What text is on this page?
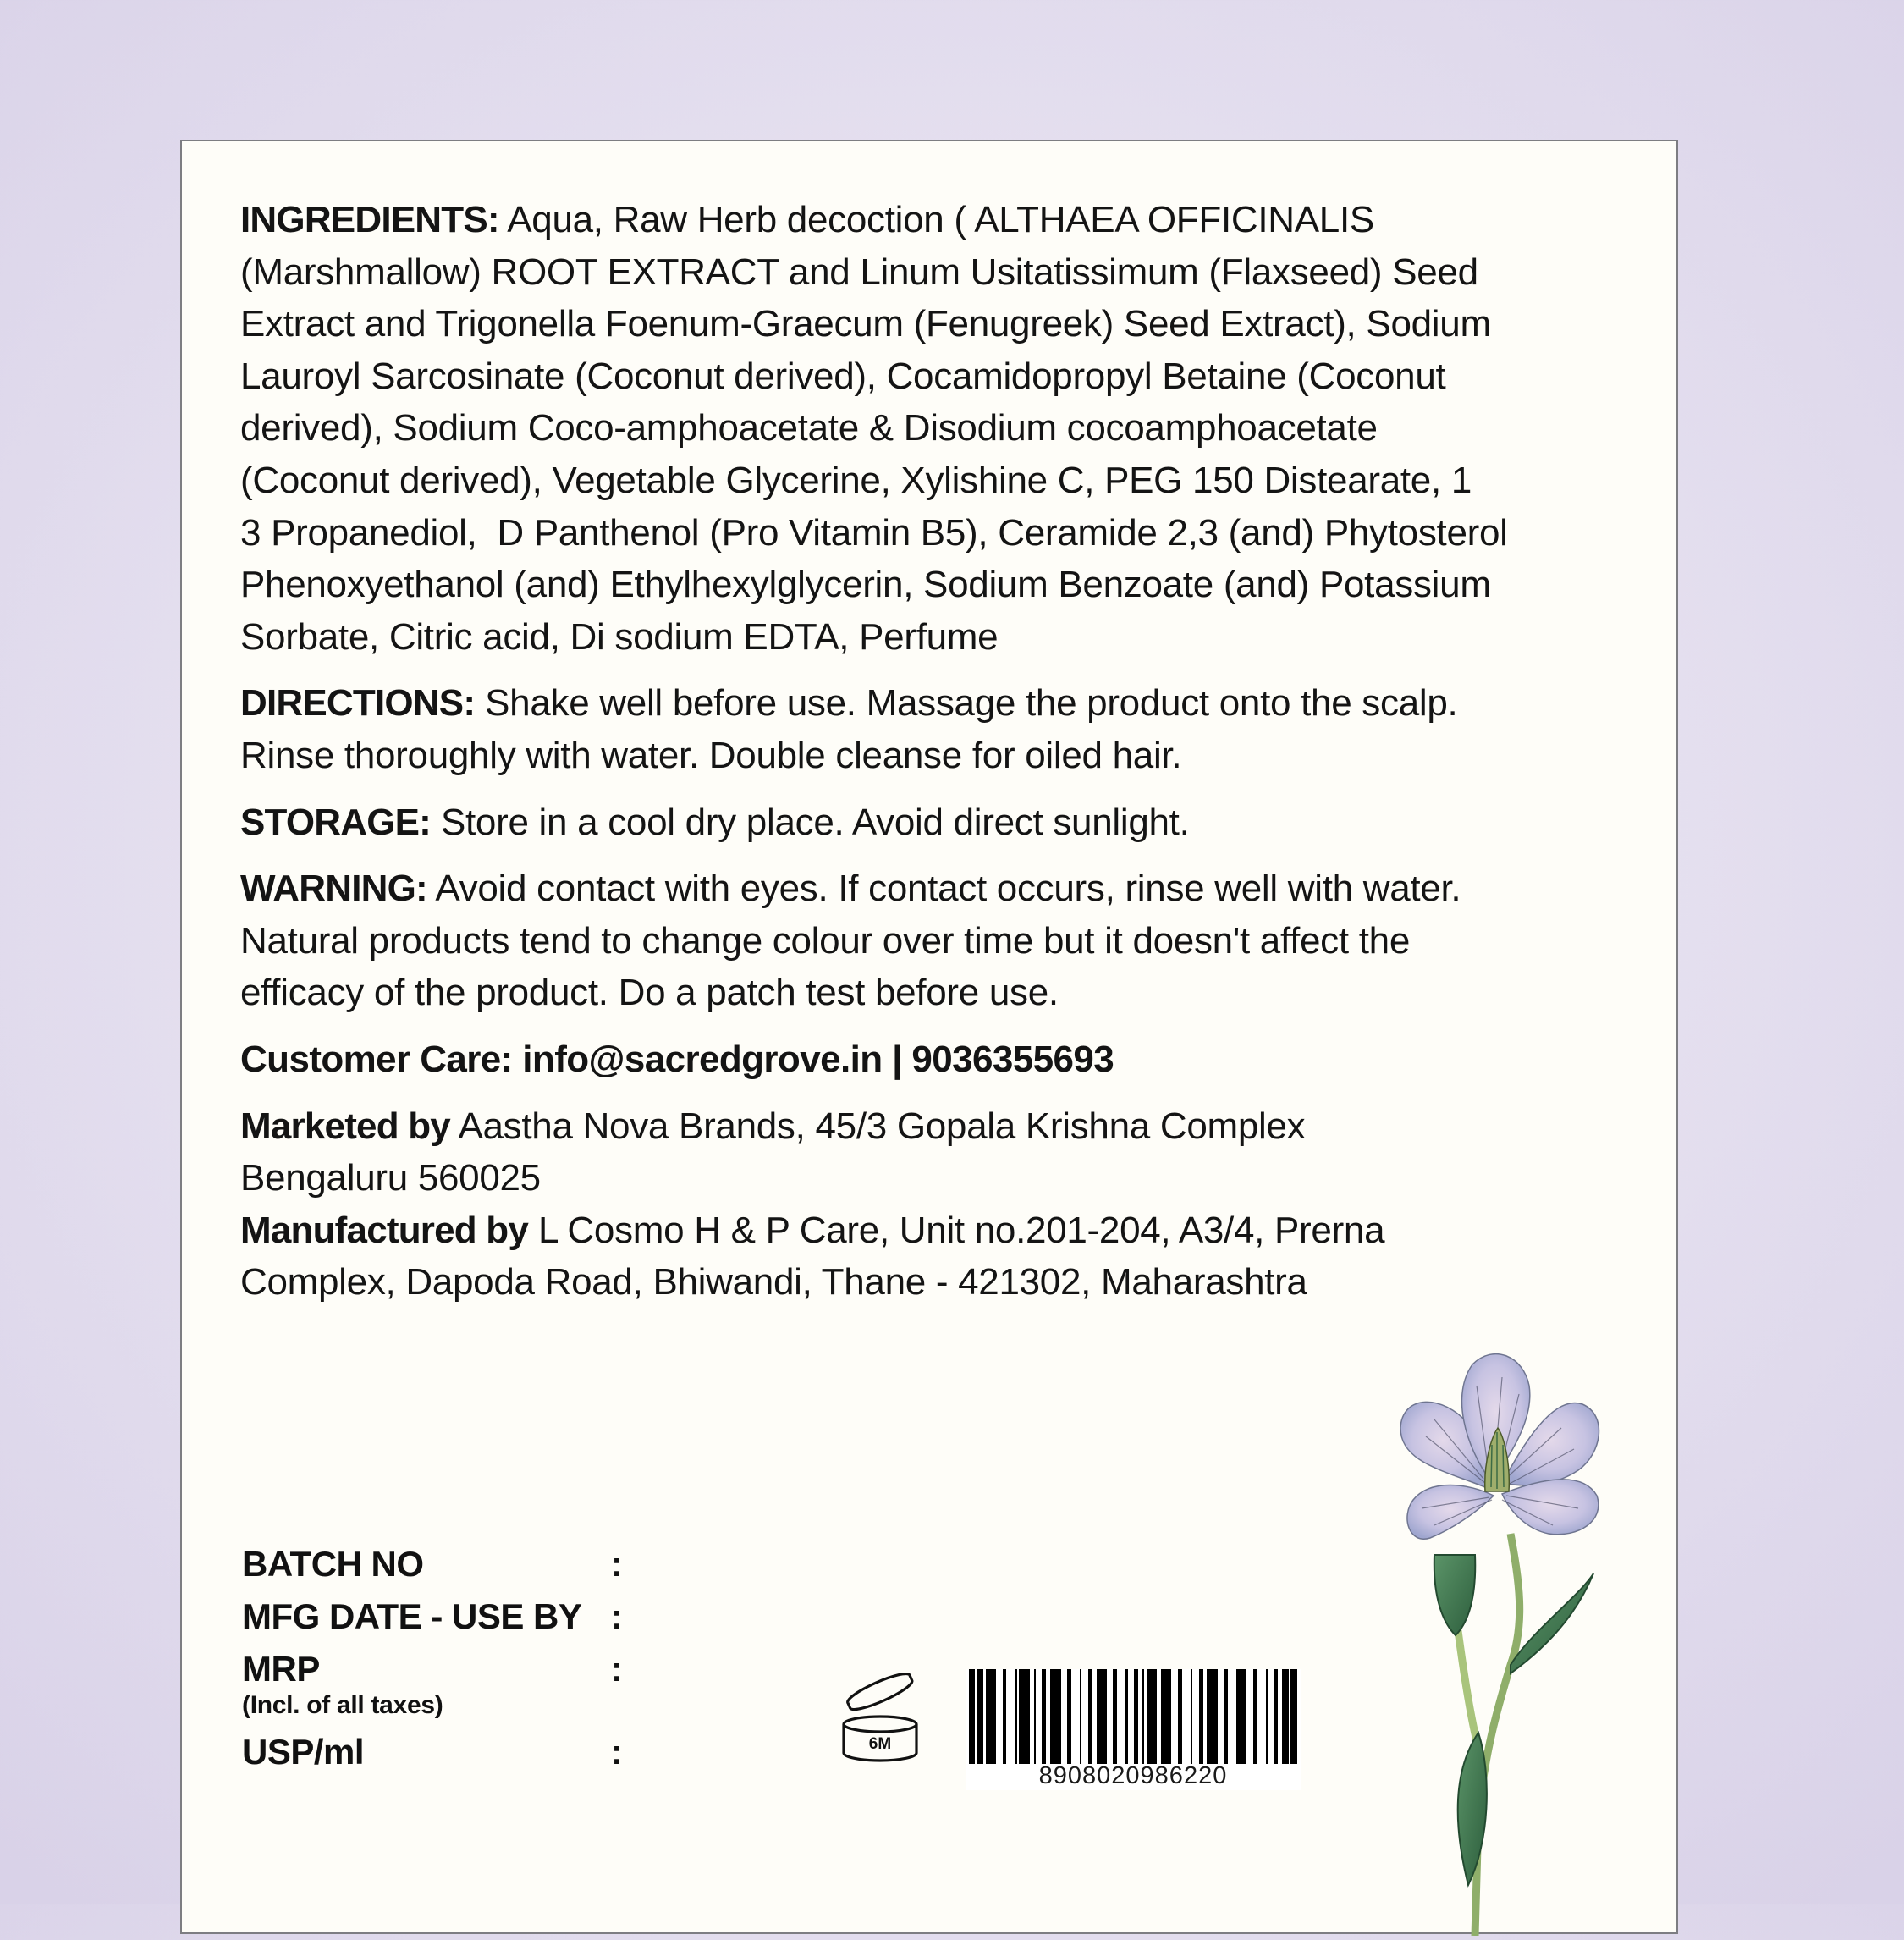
INGREDIENTS: Aqua, Raw Herb decoction ( ALTHAEA OFFICINALIS
(Marshmallow) ROOT EXTRACT and Linum Usitatissimum (Flaxseed) Seed
Extract and Trigonella Foenum-Graecum (Fenugreek) Seed Extract), Sodium
Lauroyl Sarcosinate (Coconut derived), Cocamidopropyl Betaine (Coconut
derived), Sodium Coco-amphoacetate & Disodium cocoamphoacetate
(Coconut derived), Vegetable Glycerine, Xylishine C, PEG 150 Distearate, 1
3 Propanediol,  D Panthenol (Pro Vitamin B5), Ceramide 2,3 (and) Phytosterol
Phenoxyethanol (and) Ethylhexylglycerin, Sodium Benzoate (and) Potassium
Sorbate, Citric acid, Di sodium EDTA, Perfume
DIRECTIONS: Shake well before use. Massage the product onto the scalp.
Rinse thoroughly with water. Double cleanse for oiled hair.
STORAGE: Store in a cool dry place. Avoid direct sunlight.
WARNING: Avoid contact with eyes. If contact occurs, rinse well with water.
Natural products tend to change colour over time but it doesn't affect the
efficacy of the product. Do a patch test before use.
Customer Care: info@sacredgrove.in | 9036355693
Marketed by Aastha Nova Brands, 45/3 Gopala Krishna Complex
Bengaluru 560025
Manufactured by L Cosmo H & P Care, Unit no.201-204, A3/4, Prerna
Complex, Dapoda Road, Bhiwandi, Thane - 421302, Maharashtra
BATCH NO	:
MFG DATE - USE BY :
MRP	:
(Incl. of all taxes)
USP/ml	:	6M
8908020986220
